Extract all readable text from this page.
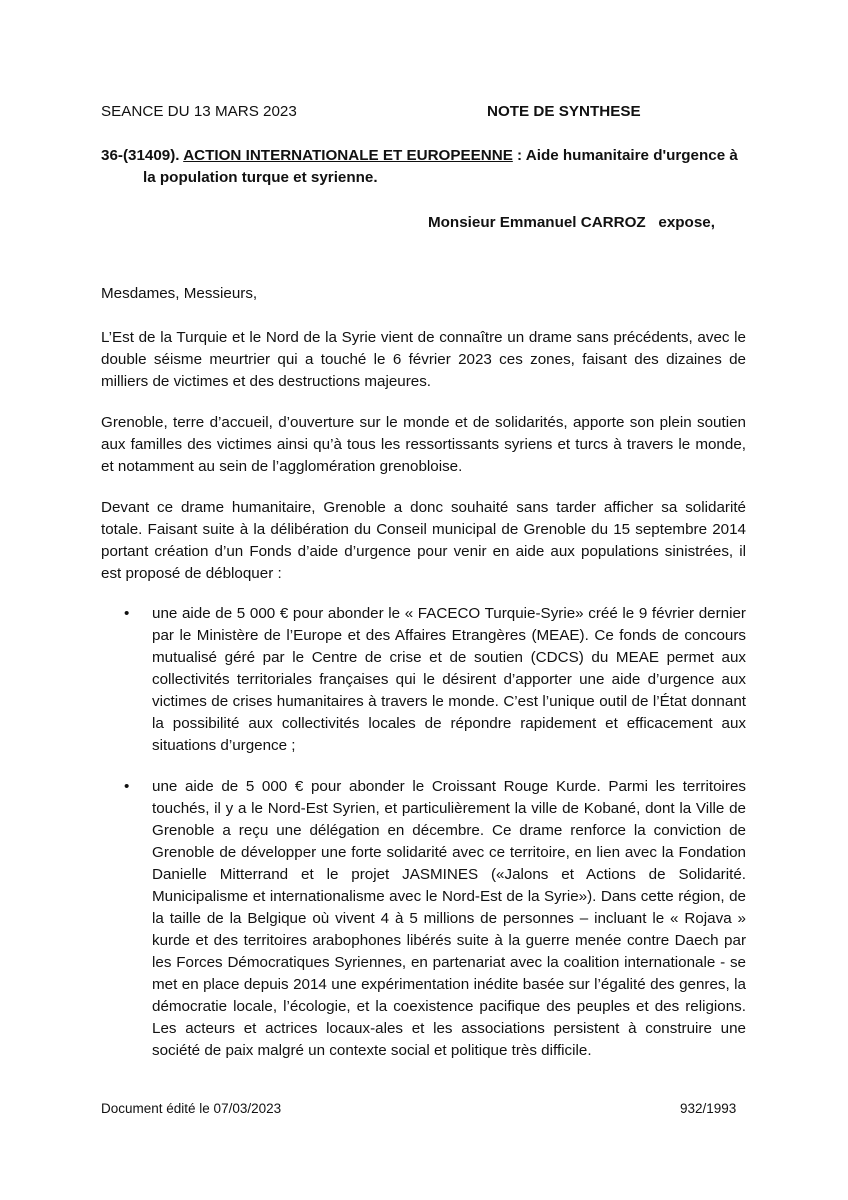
SEANCE DU 13 MARS 2023	NOTE DE SYNTHESE

36-(31409). ACTION INTERNATIONALE ET EUROPEENNE : Aide humanitaire d'urgence à
la population turque et syrienne.

Monsieur Emmanuel CARROZ   expose,
Mesdames, Messieurs,

L’Est de la Turquie et le Nord de la Syrie vient de connaître un drame sans précédents, avec le double séisme meurtrier qui a touché le 6 février 2023 ces zones, faisant des dizaines de milliers de victimes et des destructions majeures.

Grenoble, terre d’accueil, d’ouverture sur le monde et de solidarités, apporte son plein soutien aux familles des victimes ainsi qu’à tous les ressortissants syriens et turcs à travers le monde, et notamment au sein de l’agglomération grenobloise.

Devant ce drame humanitaire, Grenoble a donc souhaité sans tarder afficher sa solidarité totale. Faisant suite à la délibération du Conseil municipal de Grenoble du 15 septembre 2014 portant création d’un Fonds d’aide d’urgence pour venir en aide aux populations sinistrées, il est proposé de débloquer :

• une aide de 5 000 € pour abonder le « FACECO Turquie-Syrie» créé le 9 février dernier par le Ministère de l’Europe et des Affaires Etrangères (MEAE). Ce fonds de concours mutualisé géré par le Centre de crise et de soutien (CDCS) du MEAE permet aux collectivités territoriales françaises qui le désirent d’apporter une aide d’urgence aux victimes de crises humanitaires à travers le monde. C’est l’unique outil de l’État donnant la possibilité aux collectivités locales de répondre rapidement et efficacement aux situations d’urgence ;

• une aide de 5 000 € pour abonder le Croissant Rouge Kurde. Parmi les territoires touchés, il y a le Nord-Est Syrien, et particulièrement la ville de Kobané, dont la Ville de Grenoble a reçu une délégation en décembre. Ce drame renforce la conviction de Grenoble de développer une forte solidarité avec ce territoire, en lien avec la Fondation Danielle Mitterrand et le projet JASMINES («Jalons et Actions de Solidarité. Municipalisme et internationalisme avec le Nord-Est de la Syrie»). Dans cette région, de la taille de la Belgique où vivent 4 à 5 millions de personnes – incluant le « Rojava » kurde et des territoires arabophones libérés suite à la guerre menée contre Daech par les Forces Démocratiques Syriennes, en partenariat avec la coalition internationale - se met en place depuis 2014 une expérimentation inédite basée sur l’égalité des genres, la démocratie locale, l’écologie, et la coexistence pacifique des peuples et des religions. Les acteurs et actrices locaux-ales et les associations persistent à construire une société de paix malgré un contexte social et politique très difficile.

Document édité le 07/03/2023	932/1993
